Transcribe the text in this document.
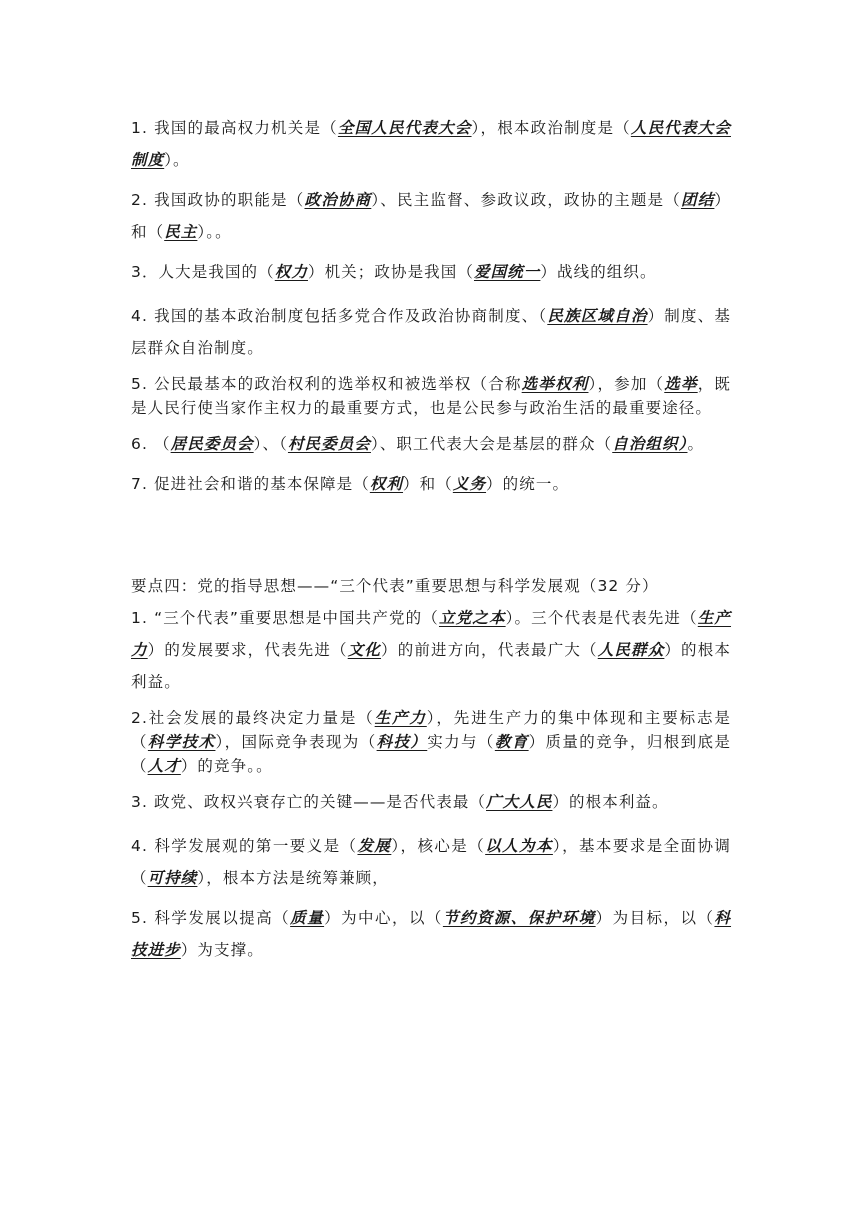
1. 我国的最高权力机关是（全国人民代表大会），根本政治制度是（人民代表大会制度）。

2. 我国政协的职能是（政治协商）、民主监督、参政议政，政协的主题是（团结）和（民主）。。

3．人大是我国的（权力）机关；政协是我国（爱国统一）战线的组织。

4. 我国的基本政治制度包括多党合作及政治协商制度、（民族区域自治）制度、基层群众自治制度。

5. 公民最基本的政治权利的选举权和被选举权（合称选举权利），参加（选举，既是人民行使当家作主权力的最重要方式，也是公民参与政治生活的最重要途径。

6. （居民委员会）、（村民委员会）、职工代表大会是基层的群众（自治组织）。

7. 促进社会和谐的基本保障是（权利）和（义务）的统一。

要点四：党的指导思想——“三个代表”重要思想与科学发展观（32 分）

1. “三个代表”重要思想是中国共产党的（立党之本）。三个代表是代表先进（生产力）的发展要求，代表先进（文化）的前进方向，代表最广大（人民群众）的根本利益。

2.社会发展的最终决定力量是（生产力），先进生产力的集中体现和主要标志是（科学技术），国际竞争表现为（科技）实力与（教育）质量的竞争，归根到底是（人才）的竞争。。

3. 政党、政权兴衰存亡的关键——是否代表最（广大人民）的根本利益。

4. 科学发展观的第一要义是（发展），核心是（以人为本），基本要求是全面协调（可持续），根本方法是统筹兼顾，

5. 科学发展以提高（质量）为中心，以（节约资源、保护环境）为目标，以（科技进步）为支撑。
